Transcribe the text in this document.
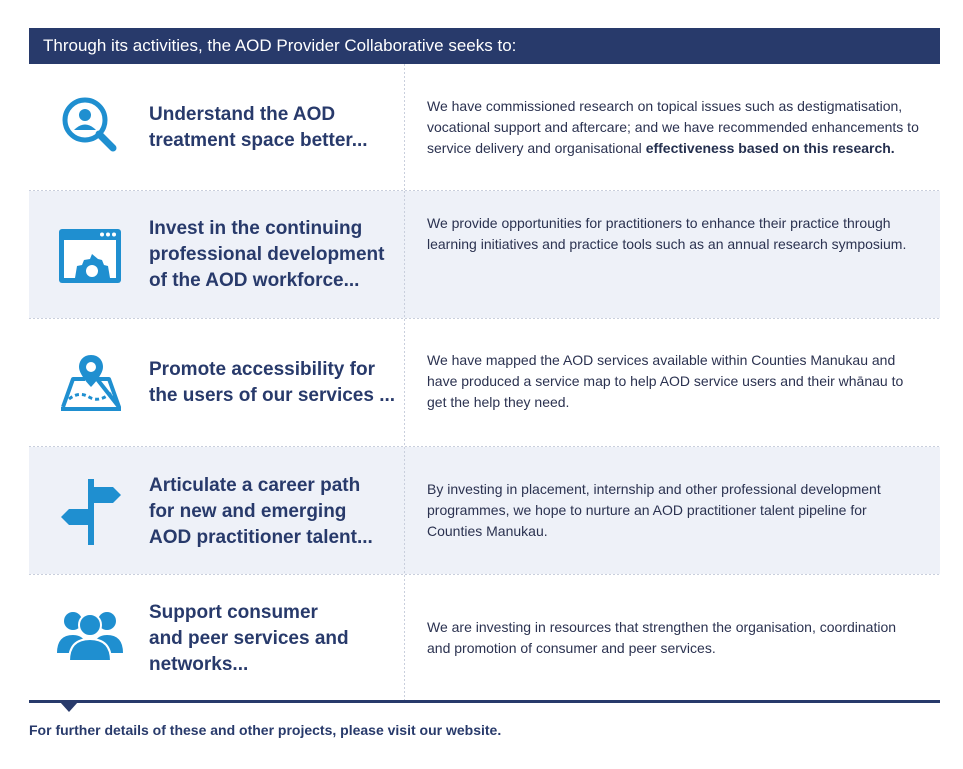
Through its activities, the AOD Provider Collaborative seeks to:
Understand the AOD
treatment space better...
We have commissioned research on topical issues such as destigmatisation, vocational support and aftercare; and we have recommended enhancements to service delivery and organisational effectiveness based on this research.
Invest in the continuing
professional development
of the AOD workforce...
We provide opportunities for practitioners to enhance their practice through learning initiatives and practice tools such as an annual research symposium.
Promote accessibility for
the users of our services ...
We have mapped the AOD services available within Counties Manukau and have produced a service map to help AOD service users and their whānau to get the help they need.
Articulate a career path
for new and emerging
AOD practitioner talent...
By investing in placement, internship and other professional development programmes, we hope to nurture an AOD practitioner talent pipeline for Counties Manukau.
Support consumer
and peer services and
networks...
We are investing in resources that strengthen the organisation, coordination and promotion of consumer and peer services.
For further details of these and other projects, please visit our website.
